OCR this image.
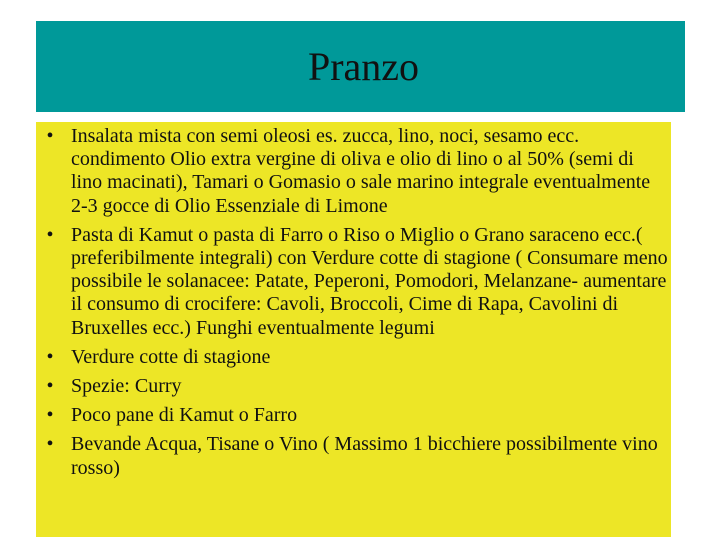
Pranzo
• Insalata mista con semi oleosi es. zucca, lino, noci, sesamo ecc. condimento Olio extra vergine di oliva e olio di lino o al 50% (semi di lino macinati), Tamari o Gomasio o sale marino integrale eventualmente 2-3 gocce di Olio Essenziale di Limone
• Pasta di Kamut o pasta di Farro o Riso o Miglio o Grano saraceno ecc.( preferibilmente integrali) con Verdure cotte di stagione ( Consumare meno possibile le solanacee: Patate, Peperoni, Pomodori, Melanzane- aumentare il consumo di crocifere: Cavoli, Broccoli, Cime di Rapa, Cavolini di Bruxelles ecc.) Funghi eventualmente legumi
• Verdure cotte di stagione
• Spezie: Curry
• Poco pane di Kamut o Farro
• Bevande Acqua, Tisane o Vino ( Massimo 1 bicchiere possibilmente vino rosso)
